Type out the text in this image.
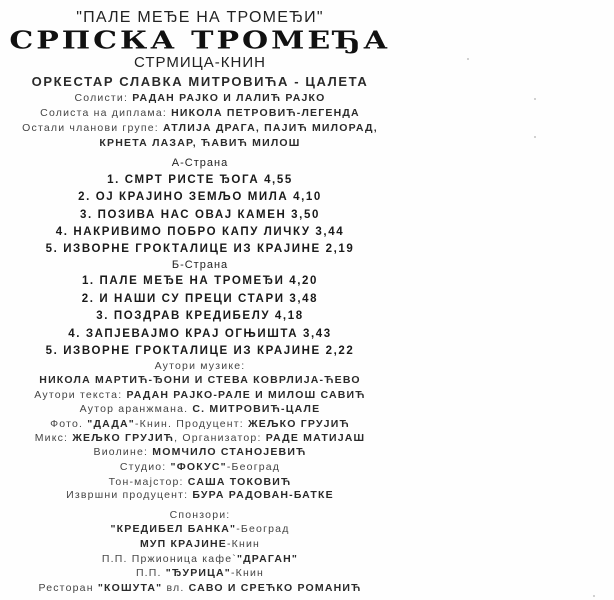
"ПАЛЕ МЕЂЕ НА ТРОМЕЂИ"
СРПСКА ТРОМЕЂА
СТРМИЦА-КНИН
ОРКЕСТАР СЛАВКА МИТРОВИЋА - ЦАЛЕТА
Солисти: РАДАН РАЈКО И ЛАЛИЋ РАЈКО
Солиста на диплама: НИКОЛА ПЕТРОВИЋ-ЛЕГЕНДА
Остали чланови групе: АТЛИЈА ДРАГА, ПАЈИЋ МИЛОРАД,
КРНЕТА ЛАЗАР, ЋАВИЋ МИЛОШ
А-Страна
1. СМРТ РИСТЕ ЂОГА 4,55
2. ОЈ КРАЈИНО ЗЕМЉО МИЛА 4,10
3. ПОЗИВА НАС ОВАЈ КАМЕН 3,50
4. НАКРИВИМО ПОБРО КАПУ ЛИЧКУ 3,44
5. ИЗВОРНЕ ГРОКТАЛИЦЕ ИЗ КРАЈИНЕ 2,19
Б-Страна
1. ПАЛЕ МЕЂЕ НА ТРОМЕЂИ 4,20
2. И НАШИ СУ ПРЕЦИ СТАРИ 3,48
3. ПОЗДРАВ КРЕДИБЕЛУ 4,18
4. ЗАПЈЕВАЈМО КРАЈ ОГЊИШТА 3,43
5. ИЗВОРНЕ ГРОКТАЛИЦЕ ИЗ КРАЈИНЕ 2,22
Аутори музике:
НИКОЛА МАРТИЋ-ЂОНИ И СТЕВА КОВРЛИЈА-ЋЕВО
Аутори текста: РАДАН РАЈКО-РАЛЕ И МИЛОШ САВИЋ
Аутор аранжмана. С. МИТРОВИЋ-ЦАЛЕ
Фото. "ДАДА"-Книн. Продуцент: ЖЕЉКО ГРУЈИЋ
Микс: ЖЕЉКО ГРУЈИЋ, Организатор: РАДЕ МАТИЈАШ
Виолине: МОМЧИЛО СТАНОЈЕВИЋ
Студио: "ФОКУС"-Београд
Тон-мајстор: САША ТОКОВИЋ
Извршни продуцент: БУРА РАДОВАН-БАТКЕ
Спонзори:
"КРЕДИБЕЛ БАНКА"-Београд
МУП КРАЈИНЕ-Книн
П.П. Пржионица кафе`"ДРАГАН"
П.П. "ЂУРИЦА"-Книн
Ресторан "КОШУТА" вл. САВО И СРЕЋКО РОМАНИЋ
